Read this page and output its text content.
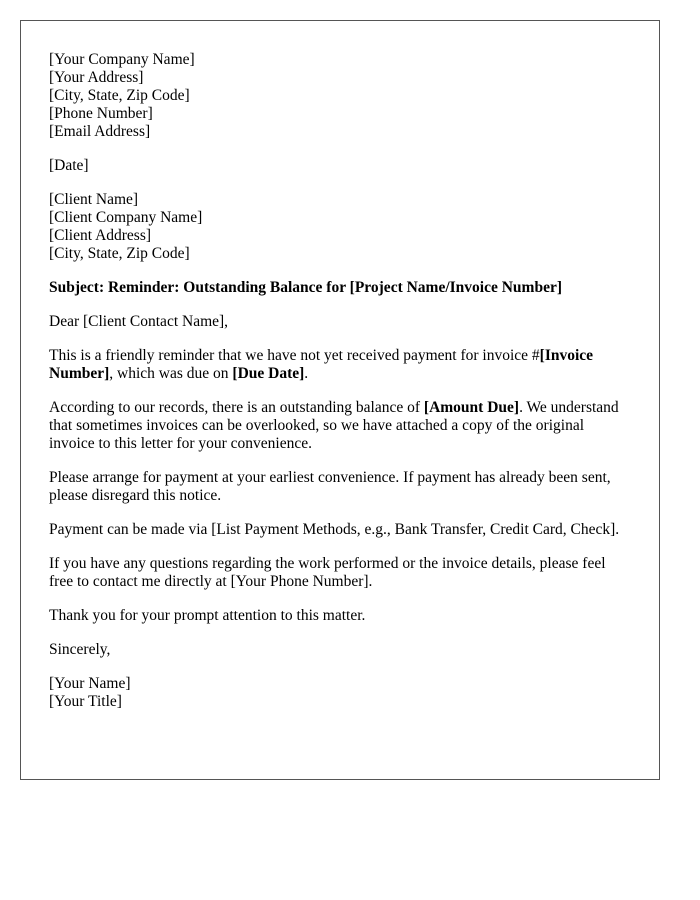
[Your Company Name]
[Your Address]
[City, State, Zip Code]
[Phone Number]
[Email Address]
[Date]
[Client Name]
[Client Company Name]
[Client Address]
[City, State, Zip Code]

Subject: Reminder: Outstanding Balance for [Project Name/Invoice Number]

Dear [Client Contact Name],

This is a friendly reminder that we have not yet received payment for invoice #[Invoice Number], which was due on [Due Date].

According to our records, there is an outstanding balance of [Amount Due]. We understand that sometimes invoices can be overlooked, so we have attached a copy of the original invoice to this letter for your convenience.

Please arrange for payment at your earliest convenience. If payment has already been sent, please disregard this notice.

Payment can be made via [List Payment Methods, e.g., Bank Transfer, Credit Card, Check].

If you have any questions regarding the work performed or the invoice details, please feel free to contact me directly at [Your Phone Number].

Thank you for your prompt attention to this matter.

Sincerely,

[Your Name]
[Your Title]
